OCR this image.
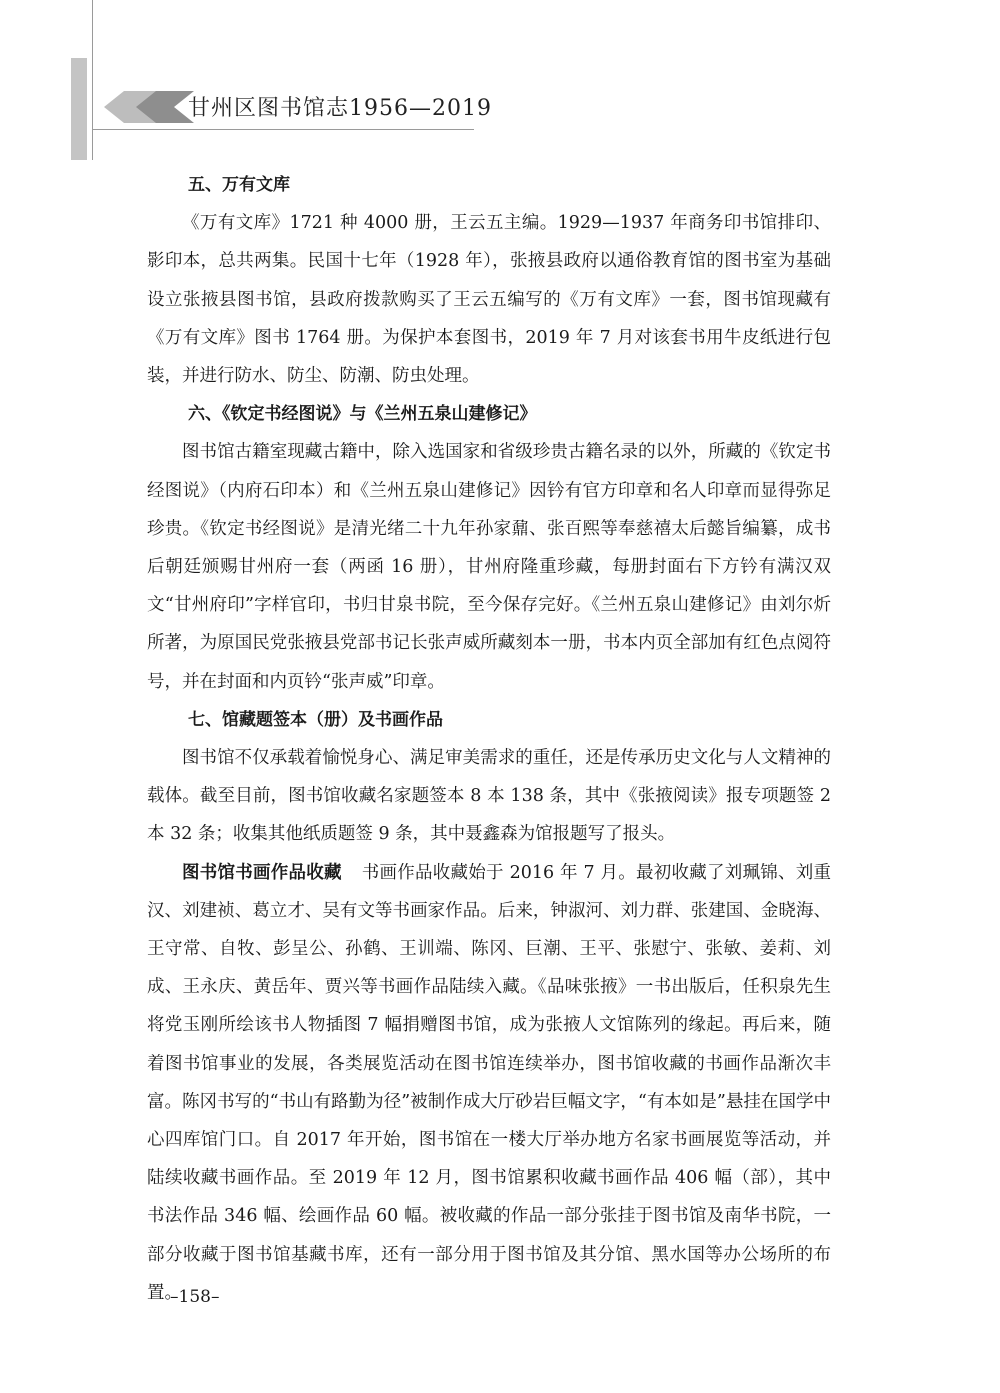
甘州区图书馆志1956—2019
五、万有文库

《万有文库》1721 种 4000 册，王云五主编。1929—1937 年商务印书馆排印、影印本，总共两集。民国十七年（1928 年），张掖县政府以通俗教育馆的图书室为基础设立张掖县图书馆，县政府拨款购买了王云五编写的《万有文库》一套，图书馆现藏有《万有文库》图书 1764 册。为保护本套图书，2019 年 7 月对该套书用牛皮纸进行包装，并进行防水、防尘、防潮、防虫处理。

六、《钦定书经图说》与《兰州五泉山建修记》

图书馆古籍室现藏古籍中，除入选国家和省级珍贵古籍名录的以外，所藏的《钦定书经图说》（内府石印本）和《兰州五泉山建修记》因钤有官方印章和名人印章而显得弥足珍贵。《钦定书经图说》是清光绪二十九年孙家鼐、张百熙等奉慈禧太后懿旨编纂，成书后朝廷颁赐甘州府一套（两函 16 册），甘州府隆重珍藏，每册封面右下方钤有满汉双文“甘州府印”字样官印，书归甘泉书院，至今保存完好。《兰州五泉山建修记》由刘尔炘所著，为原国民党张掖县党部书记长张声威所藏刻本一册，书本内页全部加有红色点阅符号，并在封面和内页钤“张声威”印章。

七、馆藏题签本（册）及书画作品

图书馆不仅承载着愉悦身心、满足审美需求的重任，还是传承历史文化与人文精神的载体。截至目前，图书馆收藏名家题签本 8 本 138 条，其中《张掖阅读》报专项题签 2 本 32 条；收集其他纸质题签 9 条，其中聂鑫森为馆报题写了报头。

图书馆书画作品收藏 书画作品收藏始于 2016 年 7 月。最初收藏了刘珮锦、刘重汉、刘建祯、葛立才、吴有文等书画家作品。后来，钟淑河、刘力群、张建国、金晓海、王守常、自牧、彭呈公、孙鹤、王训端、陈冈、巨潮、王平、张慰宁、张敏、姜莉、刘成、王永庆、黄岳年、贾兴等书画作品陆续入藏。《品味张掖》一书出版后，任积泉先生将党玉刚所绘该书人物插图 7 幅捐赠图书馆，成为张掖人文馆陈列的缘起。再后来，随着图书馆事业的发展，各类展览活动在图书馆连续举办，图书馆收藏的书画作品渐次丰富。陈冈书写的“书山有路勤为径”被制作成大厅砂岩巨幅文字，“有本如是”悬挂在国学中心四库馆门口。自 2017 年开始，图书馆在一楼大厅举办地方名家书画展览等活动，并陆续收藏书画作品。至 2019 年 12 月，图书馆累积收藏书画作品 406 幅（部），其中书法作品 346 幅、绘画作品 60 幅。被收藏的作品一部分张挂于图书馆及南华书院，一部分收藏于图书馆基藏书库，还有一部分用于图书馆及其分馆、黑水国等办公场所的布置。

–158–
